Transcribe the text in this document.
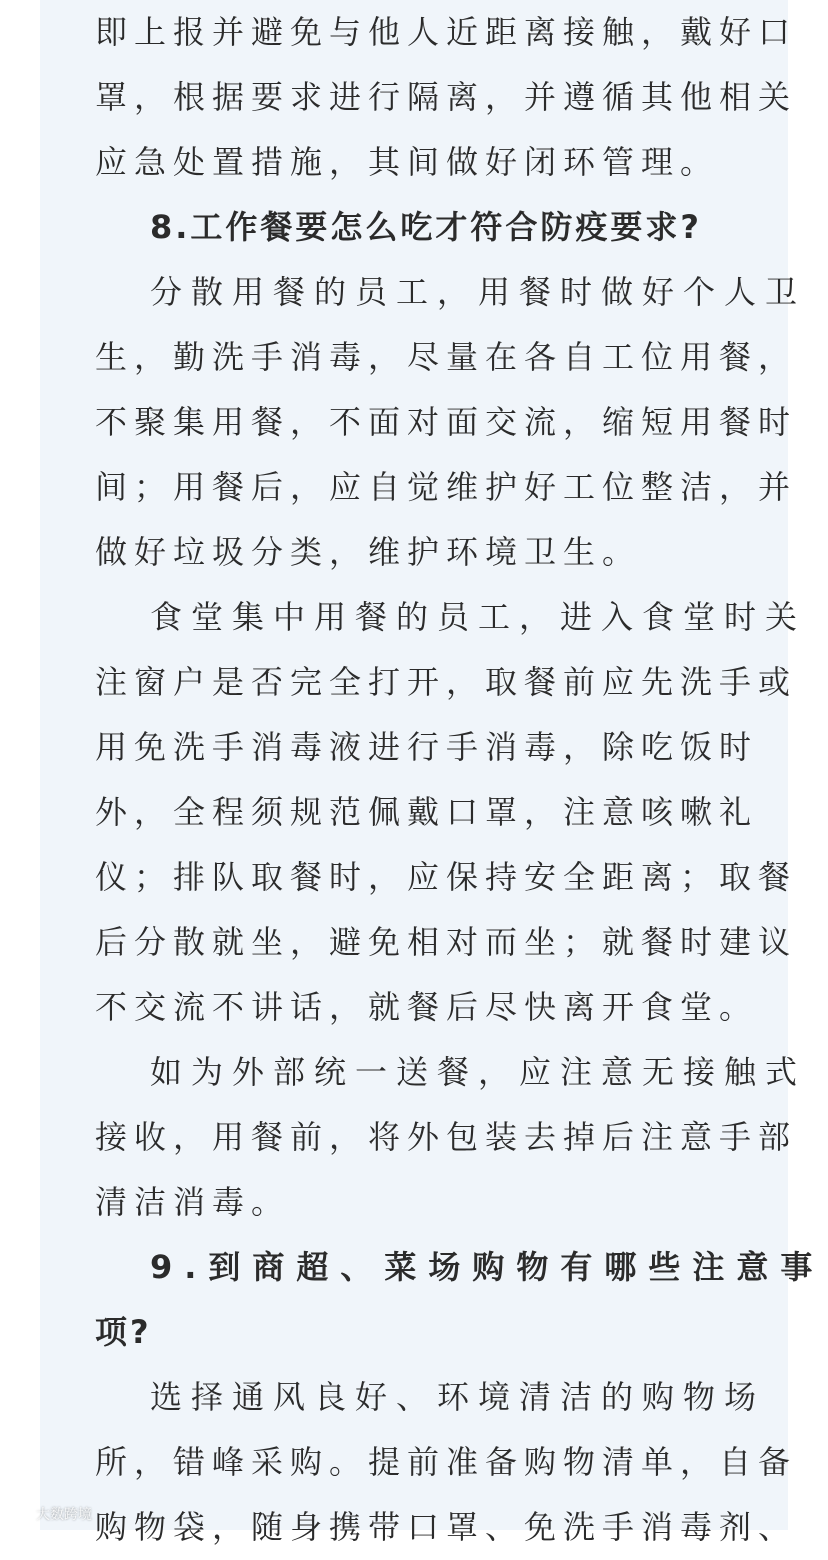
即上报并避免与他人近距离接触，戴好口
罩，根据要求进行隔离，并遵循其他相关
应急处置措施，其间做好闭环管理。
8.工作餐要怎么吃才符合防疫要求?
分散用餐的员工，用餐时做好个人卫
生，勤洗手消毒，尽量在各自工位用餐，
不聚集用餐，不面对面交流，缩短用餐时
间；用餐后，应自觉维护好工位整洁，并
做好垃圾分类，维护环境卫生。
食堂集中用餐的员工，进入食堂时关
注窗户是否完全打开，取餐前应先洗手或
用免洗手消毒液进行手消毒，除吃饭时
外，全程须规范佩戴口罩，注意咳嗽礼
仪；排队取餐时，应保持安全距离；取餐
后分散就坐，避免相对而坐；就餐时建议
不交流不讲话，就餐后尽快离开食堂。
如为外部统一送餐，应注意无接触式
接收，用餐前，将外包装去掉后注意手部
清洁消毒。
9.到商超、菜场购物有哪些注意事
项?
选择通风良好、环境清洁的购物场
所，错峰采购。提前准备购物清单，自备
购物袋，随身携带口罩、免洗手消毒剂、
大数跨境
